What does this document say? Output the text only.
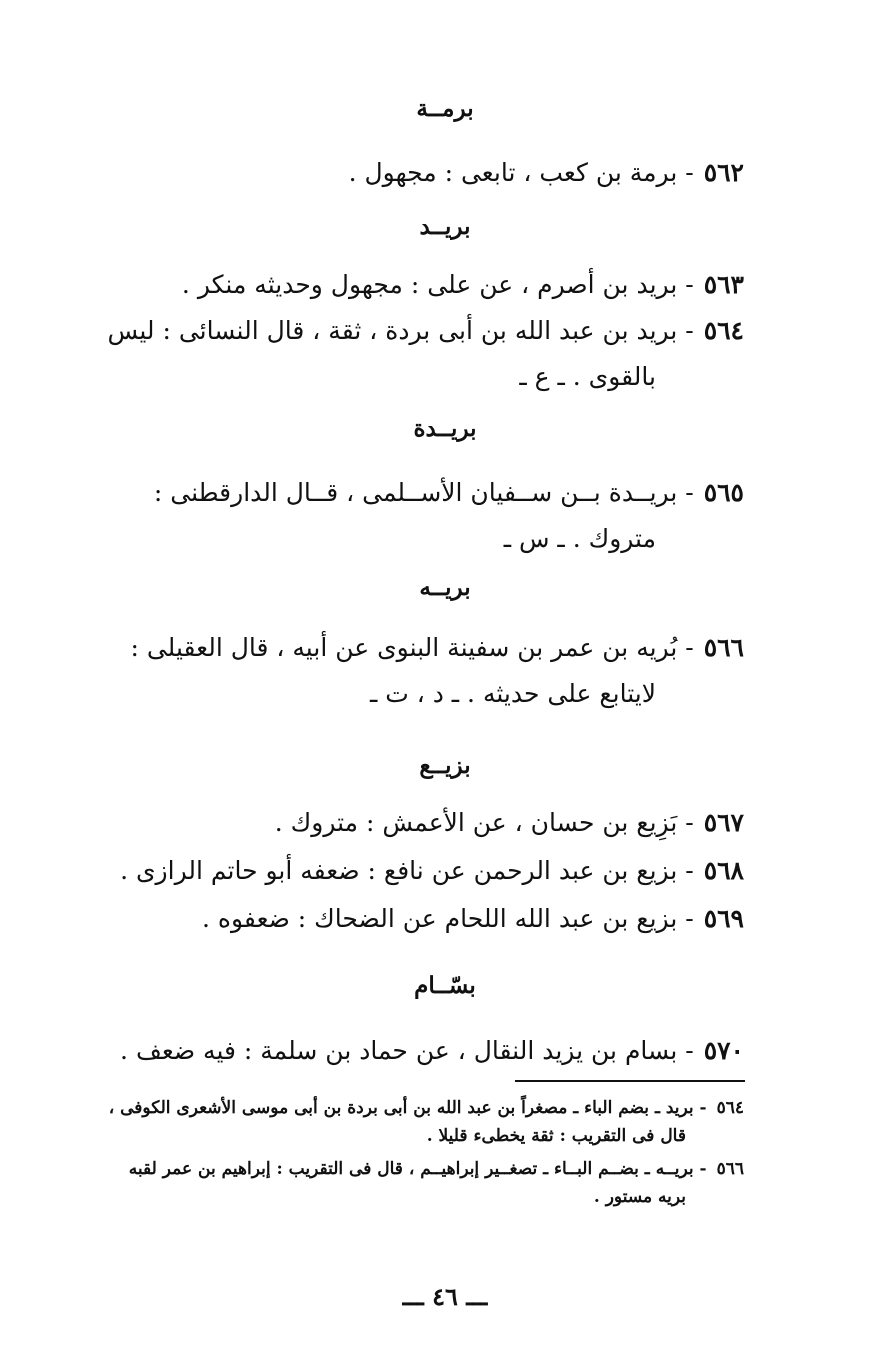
برمــة
٥٦٢- برمة بن كعب ، تابعى : مجهول .
بريــد
٥٦٣- بريد بن أصرم ، عن على : مجهول وحديثه منكر .
٥٦٤- بريد بن عبد الله بن أبى بردة ، ثقة ، قال النسائى : ليس
بالقوى . ـ ع ـ
بريــدة
٥٦٥- بريــدة بــن ســفيان الأســلمى ، قــال الدارقطنى :
متروك . ـ س ـ
بريــه
٥٦٦- بُريه بن عمر بن سفينة البنوى عن أبيه ، قال العقيلى :
لايتابع على حديثه . ـ د ، ت ـ
بزيــع
٥٦٧- بَزِيع بن حسان ، عن الأعمش : متروك .
٥٦٨- بزيع بن عبد الرحمن عن نافع : ضعفه أبو حاتم الرازى .
٥٦٩- بزيع بن عبد الله اللحام عن الضحاك : ضعفوه .
بسّــام
٥٧٠- بسام بن يزيد النقال ، عن حماد بن سلمة : فيه ضعف .
٥٦٤- بريد ـ بضم الباء ـ مصغراً بن عبد الله بن أبى بردة بن أبى موسى الأشعرى الكوفى ،
قال فى التقريب : ثقة يخطىء قليلا .
٥٦٦- بريــه ـ بضــم البــاء ـ تصغــير إبراهيــم ، قال فى التقريب : إبراهيم بن عمر لقبه
بريه مستور .
ـــ ٤٦ ـــ
